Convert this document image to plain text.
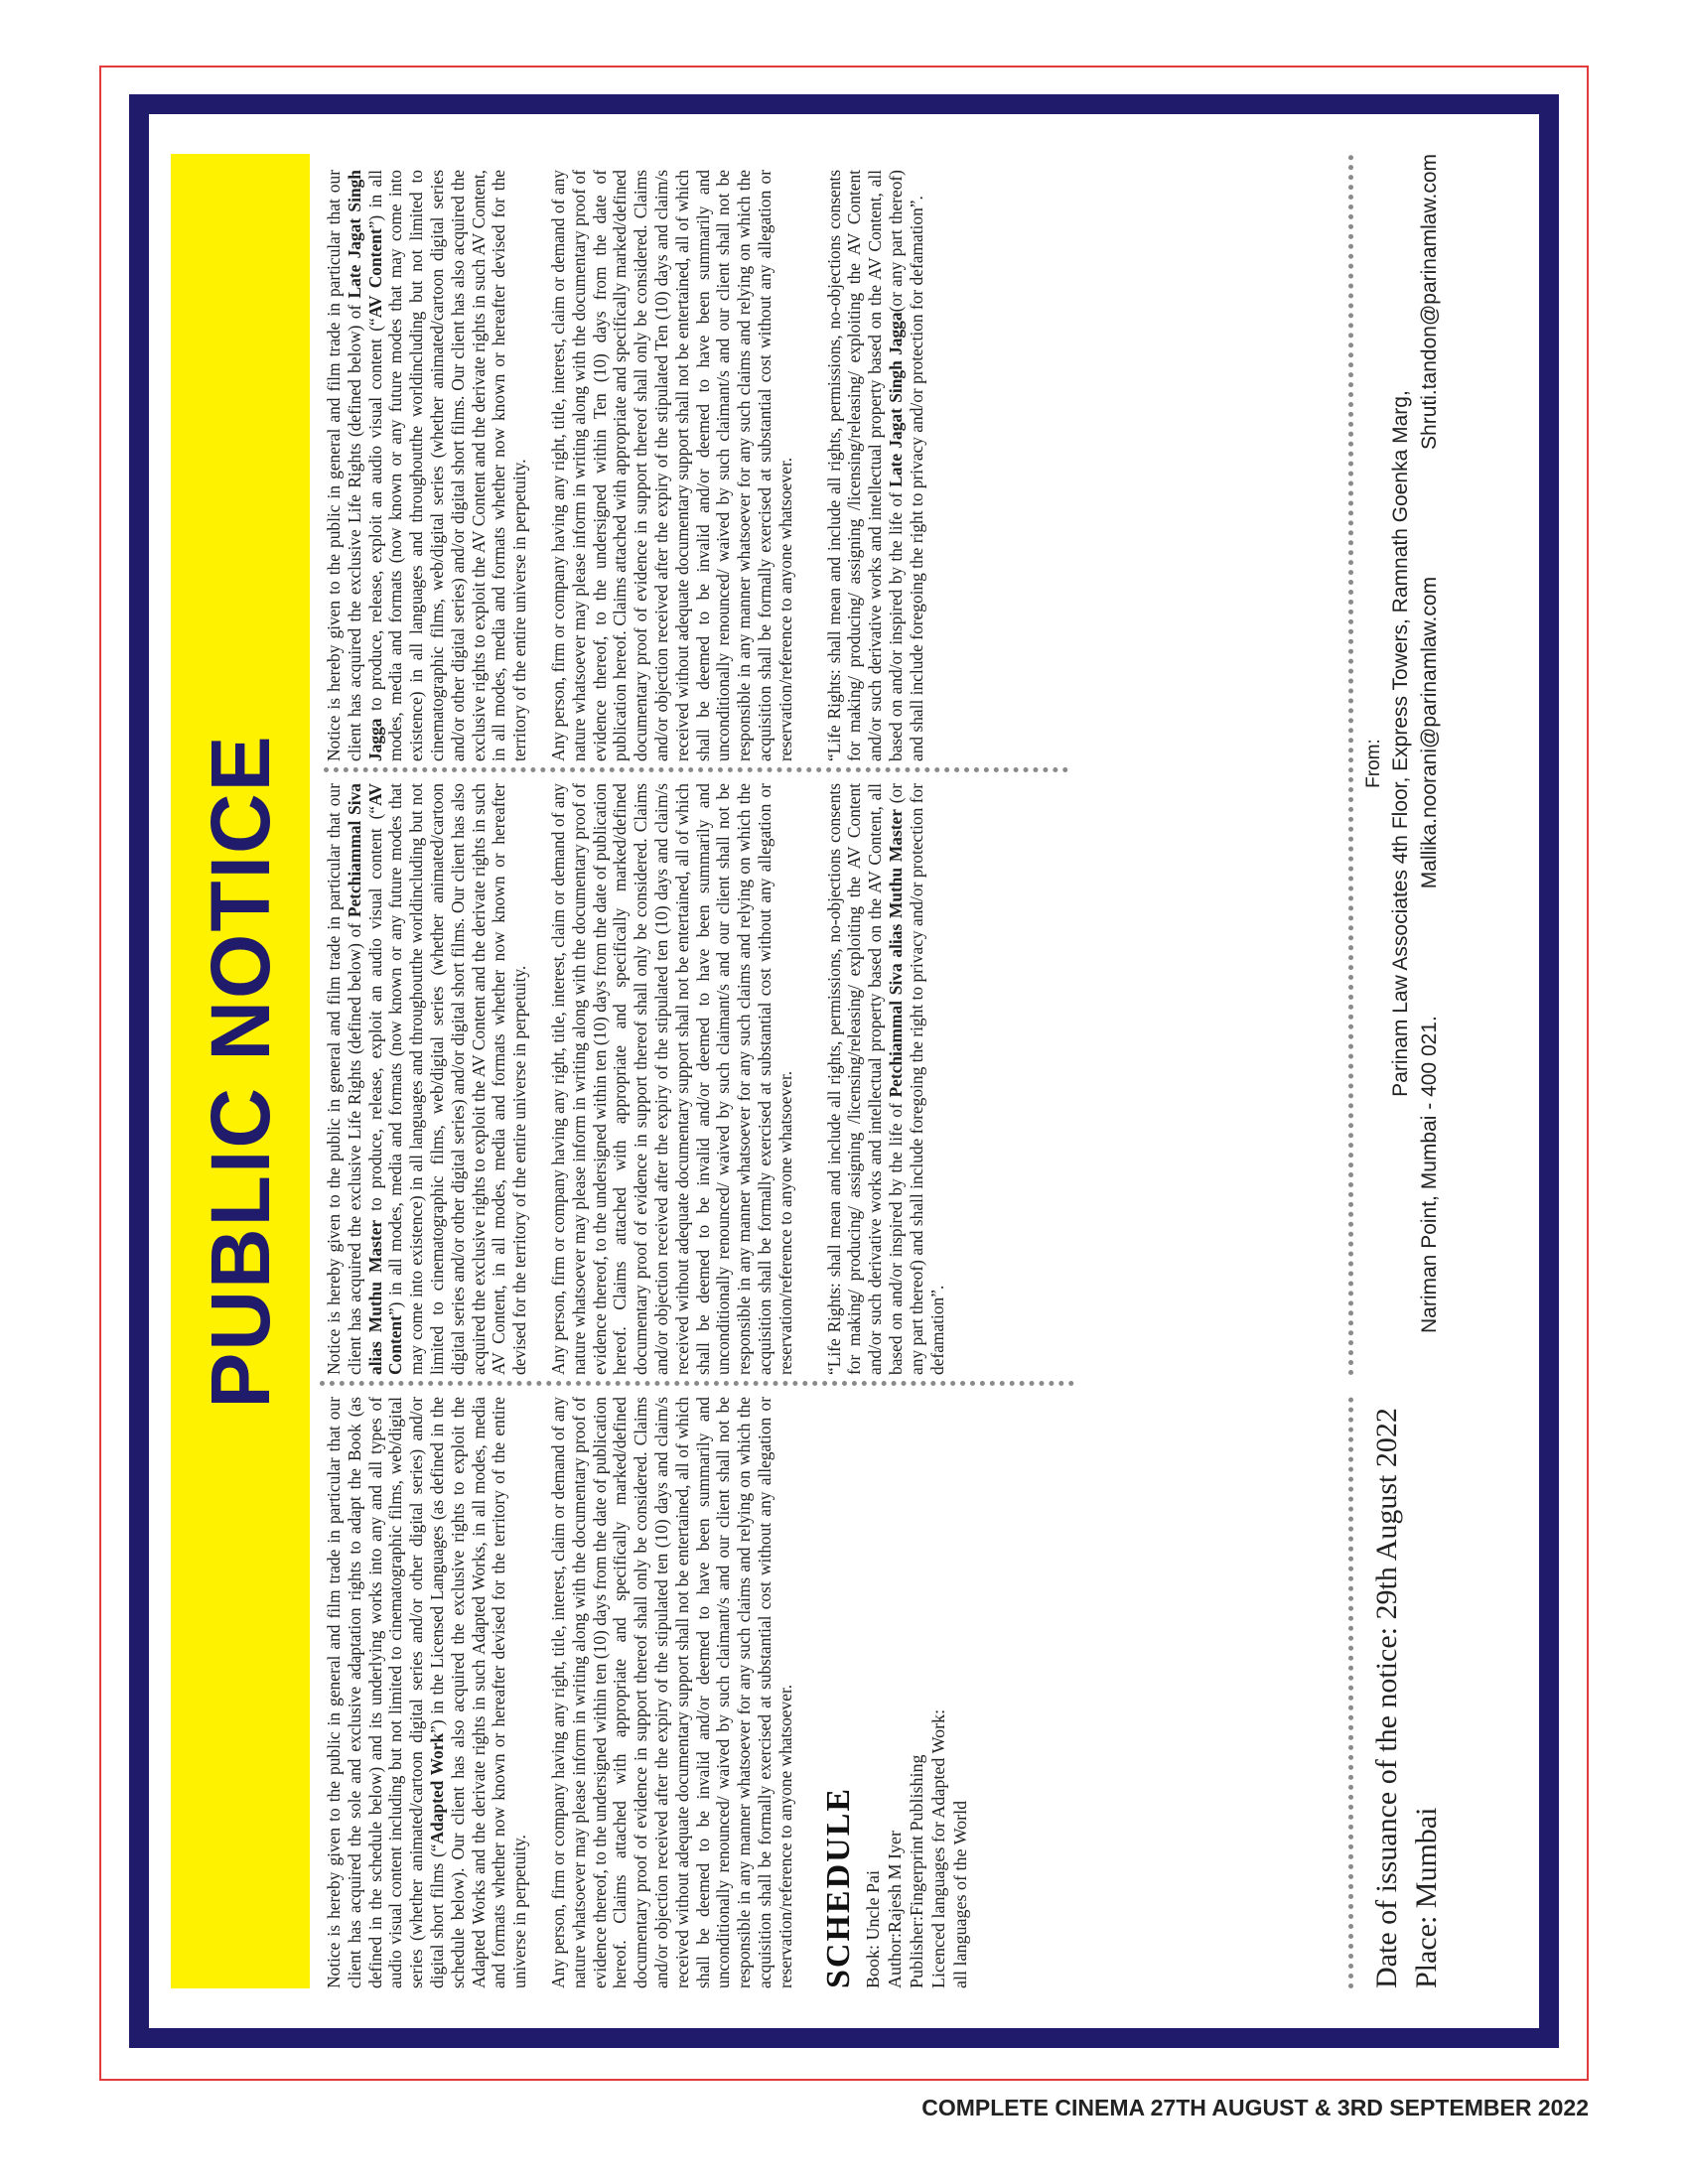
Notice is hereby given to the public in general and film trade in particular that our client has acquired the sole and exclusive adaptation rights to adapt the Book (as defined in the schedule below) and its underlying works into any and all types of audio visual content including but not limited to cinematographic films, web/digital series (whether animated/cartoon digital series and/or other digital series) and/or digital short films (“Adapted Work”) in the Licensed Languages (as defined in the schedule below). Our client has also acquired the exclusive rights to exploit the Adapted Works and the derivate rights in such Adapted Works, in all modes, media and formats whether now known or hereafter devised for the territory of the entire universe in perpetuity. Any person, firm or company having any right, title, interest, claim or demand of any nature whatsoever may please inform in writing along with the documentary proof of evidence thereof, to the undersigned within ten (10) days from the date of publication hereof. Claims attached with appropriate and specifically marked/defined documentary proof of evidence in support thereof shall only be considered. Claims and/or objection received after the expiry of the stipulated ten (10) days and claim/s received without adequate documentary support shall not be entertained, all of which shall be deemed to be invalid and/or deemed to have been summarily and unconditionally renounced/ waived by such claimant/s and our client shall not be responsible in any manner whatsoever for any such claims and relying on which the acquisition shall be formally exercised at substantial cost without any allegation or reservation/reference to anyone whatsoever. SCHEDULE Book: Uncle Pai Author:Rajesh M Iyer Publisher:Fingerprint Publishing Licenced languages for Adapted Work: all languages of the World
PUBLIC NOTICE	Notice is hereby given to the public in general and film trade in particular that our client has acquired the exclusive Life Rights (defined below) of Petchiammal Siva alias Muthu Master to produce, release, exploit an audio visual content (“AV Content”) in all modes, media and formats (now known or any future modes that may come into existence) in all languages and throughoutthe worldincluding but not limited to cinematographic films, web/digital series (whether animated/cartoon digital series and/or other digital series) and/or digital short films. Our client has also acquired the exclusive rights to exploit the AV Content and the derivate rights in such AV Content, in all modes, media and formats whether now known or hereafter devised for the territory of the entire universe in perpetuity. Any person, firm or company having any right, title, interest, claim or demand of any nature whatsoever may please inform in writing along with the documentary proof of evidence thereof, to the undersigned within ten (10) days from the date of publication hereof. Claims attached with appropriate and specifically marked/defined documentary proof of evidence in support thereof shall only be considered. Claims and/or objection received after the expiry of the stipulated ten (10) days and claim/s received without adequate documentary support shall not be entertained, all of which shall be deemed to be invalid and/or deemed to have been summarily and unconditionally renounced/ waived by such claimant/s and our client shall not be responsible in any manner whatsoever for any such claims and relying on which the acquisition shall be formally exercised at substantial cost without any allegation or reservation/reference to anyone whatsoever. “Life Rights: shall mean and include all rights, permissions, no-objections consents for making/ producing/ assigning /licensing/releasing/ exploiting the AV Content and/or such derivative works and intellectual property based on the AV Content, all based on and/or inspired by the life of Petchiammal Siva alias Muthu Master (or any part thereof) and shall include foregoing the right to privacy and/or protection for defamation”.

Notice is hereby given to the public in general and film trade in particular that our client has acquired the exclusive Life Rights (defined below) of Late Jagat Singh Jagga to produce, release, exploit an audio visual content (“AV Content”) in all modes, media and formats (now known or any future modes that may come into existence) in all languages and throughoutthe worldincluding but not limited to cinematographic films, web/digital series (whether animated/cartoon digital series and/or other digital series) and/or digital short films. Our client has also acquired the exclusive rights to exploit the AV Content and the derivate rights in such AV Content, in all modes, media and formats whether now known or hereafter devised for the territory of the entire universe in perpetuity. Any person, firm or company having any right, title, interest, claim or demand of any nature whatsoever may please inform in writing along with the documentary proof of evidence thereof, to the undersigned within Ten (10) days from the date of publication hereof. Claims attached with appropriate and specifically marked/defined documentary proof of evidence in support thereof shall only be considered. Claims and/or objection received after the expiry of the stipulated Ten (10) days and claim/s received without adequate documentary support shall not be entertained, all of which shall be deemed to be invalid and/or deemed to have been summarily and unconditionally renounced/ waived by such claimant/s and our client shall not be responsible in any manner whatsoever for any such claims and relying on which the acquisition shall be formally exercised at substantial cost without any allegation or reservation/reference to anyone whatsoever. “Life Rights: shall mean and include all rights, permissions, no-objections consents for making/ producing/ assigning /licensing/releasing/ exploiting the AV Content and/or such derivative works and intellectual property based on the AV Content, all based on and/or inspired by the life of Late Jagat Singh Jagga(or any part thereof) and shall include foregoing the right to privacy and/or protection for defamation”.

Date of issuance of the notice: 29th August 2022 Place: Mumbai
From: Parinam Law Associates 4th Floor, Express Towers, Ramnath Goenka Marg,
Nariman Point, Mumbai - 400 021.
Mallika.noorani@parinamlaw.com
Shruti.tandon@parinamlaw.com
COMPLETE CINEMA 27TH AUGUST & 3RD SEPTEMBER 2022
